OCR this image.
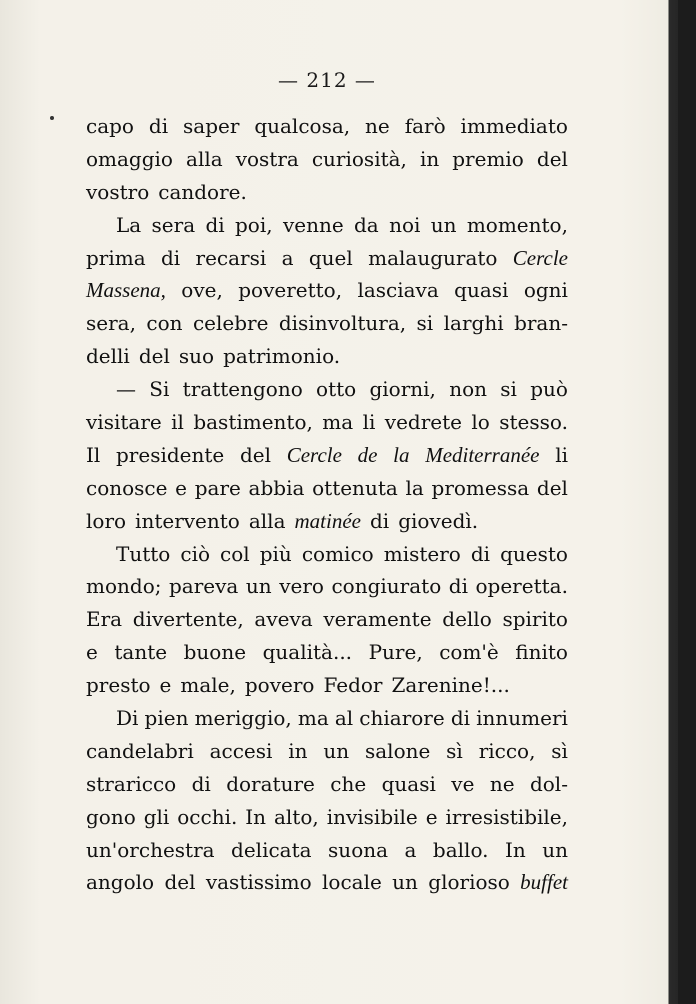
— 212 —
capo di saper qualcosa, ne farò immediato
omaggio alla vostra curiosità, in premio del
vostro candore.
La sera di poi, venne da noi un momento,
prima di recarsi a quel malaugurato Cercle
Massena, ove, poveretto, lasciava quasi ogni
sera, con celebre disinvoltura, si larghi bran-
delli del suo patrimonio.
— Si trattengono otto giorni, non si può
visitare il bastimento, ma li vedrete lo stesso.
Il presidente del Cercle de la Mediterranée li
conosce e pare abbia ottenuta la promessa del
loro intervento alla matinée di giovedì.
Tutto ciò col più comico mistero di questo
mondo; pareva un vero congiurato di operetta.
Era divertente, aveva veramente dello spirito
e tante buone qualità... Pure, com'è finito
presto e male, povero Fedor Zarenine!...
Di pien meriggio, ma al chiarore di innumeri
candelabri accesi in un salone sì ricco, sì
straricco di dorature che quasi ve ne dol-
gono gli occhi. In alto, invisibile e irresistibile,
un'orchestra delicata suona a ballo. In un
angolo del vastissimo locale un glorioso buffet
